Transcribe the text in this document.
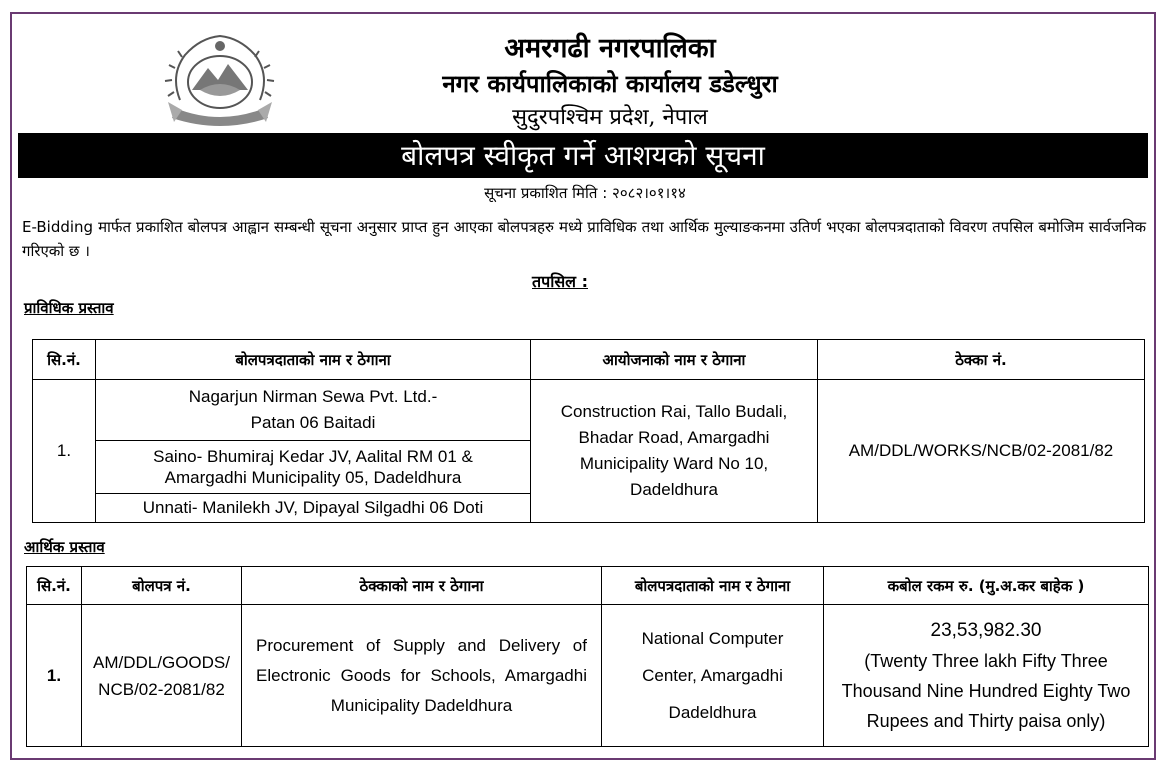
अमरगढी नगरपालिका
नगर कार्यपालिकाको कार्यालय डडेल्धुरा
सुदुरपश्चिम प्रदेश, नेपाल
बोलपत्र स्वीकृत गर्ने आशयको सूचना
सूचना प्रकाशित मिति : २०८२।०१।१४
E-Bidding मार्फत प्रकाशित बोलपत्र आह्वान सम्बन्धी सूचना अनुसार प्राप्त हुन आएका बोलपत्रहरु मध्ये प्राविधिक तथा आर्थिक मुल्याङकनमा उतिर्ण भएका बोलपत्रदाताको विवरण तपसिल बमोजिम सार्वजनिक गरिएको छ ।
तपसिल :
प्राविधिक प्रस्ताव
सि.नं.	बोलपत्रदाताको नाम र ठेगाना	आयोजनाको नाम र ठेगाना	ठेक्का नं.
1.	Nagarjun Nirman Sewa Pvt. Ltd.- Patan 06 Baitadi	Construction Rai, Tallo Budali, Bhadar Road, Amargadhi Municipality Ward No 10, Dadeldhura	AM/DDL/WORKS/NCB/02-2081/82
	Saino- Bhumiraj Kedar JV, Aalital RM 01 & Amargadhi Municipality 05, Dadeldhura		
	Unnati- Manilekh JV, Dipayal Silgadhi 06 Doti		
आर्थिक प्रस्ताव
सि.नं.	बोलपत्र नं.	ठेक्काको नाम र ठेगाना	बोलपत्रदाताको नाम र ठेगाना	कबोल रकम रु. (मु.अ.कर बाहेक )
1.	AM/DDL/GOODS/ NCB/02-2081/82	Procurement of Supply and Delivery of Electronic Goods for Schools, Amargadhi Municipality Dadeldhura	National Computer Center, Amargadhi Dadeldhura	23,53,982.30
(Twenty Three lakh Fifty Three Thousand Nine Hundred Eighty Two Rupees and Thirty paisa only)
